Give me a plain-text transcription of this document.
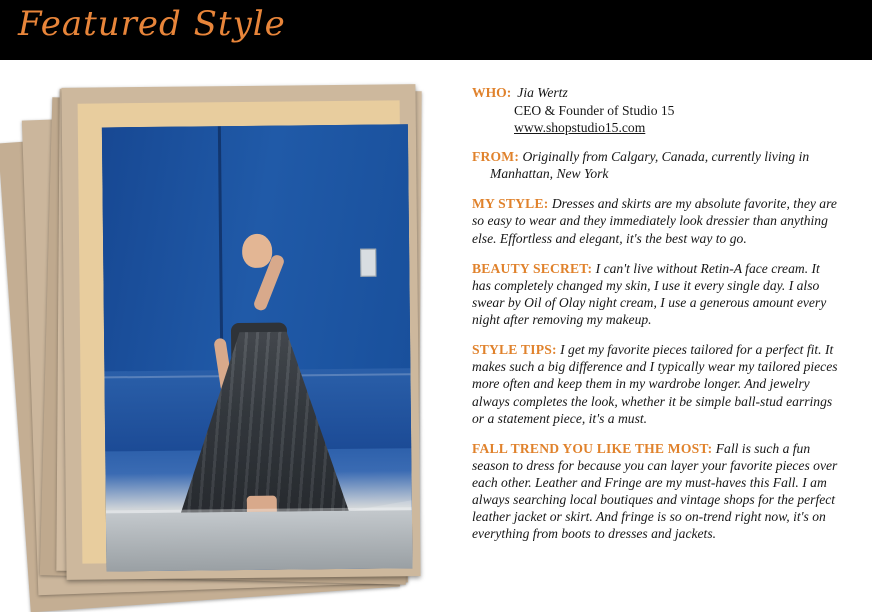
Featured Style
WHO: Jia Wertz
CEO & Founder of Studio 15
www.shopstudio15.com
FROM: Originally from Calgary, Canada, currently living in
Manhattan, New York
MY STYLE: Dresses and skirts are my absolute favorite, they are so easy to wear and they immediately look dressier than anything else. Effortless and elegant, it's the best way to go.
BEAUTY SECRET: I can't live without Retin-A face cream. It has completely changed my skin, I use it every single day. I also swear by Oil of Olay night cream, I use a generous amount every night after removing my makeup.
STYLE TIPS: I get my favorite pieces tailored for a perfect fit. It makes such a big difference and I typically wear my tailored pieces more often and keep them in my wardrobe longer. And jewelry always completes the look, whether it be simple ball-stud earrings or a statement piece, it's a must.
FALL TREND YOU LIKE THE MOST: Fall is such a fun season to dress for because you can layer your favorite pieces over each other. Leather and Fringe are my must-haves this Fall. I am always searching local boutiques and vintage shops for the perfect leather jacket or skirt. And fringe is so on-trend right now, it's on everything from boots to dresses and jackets.
